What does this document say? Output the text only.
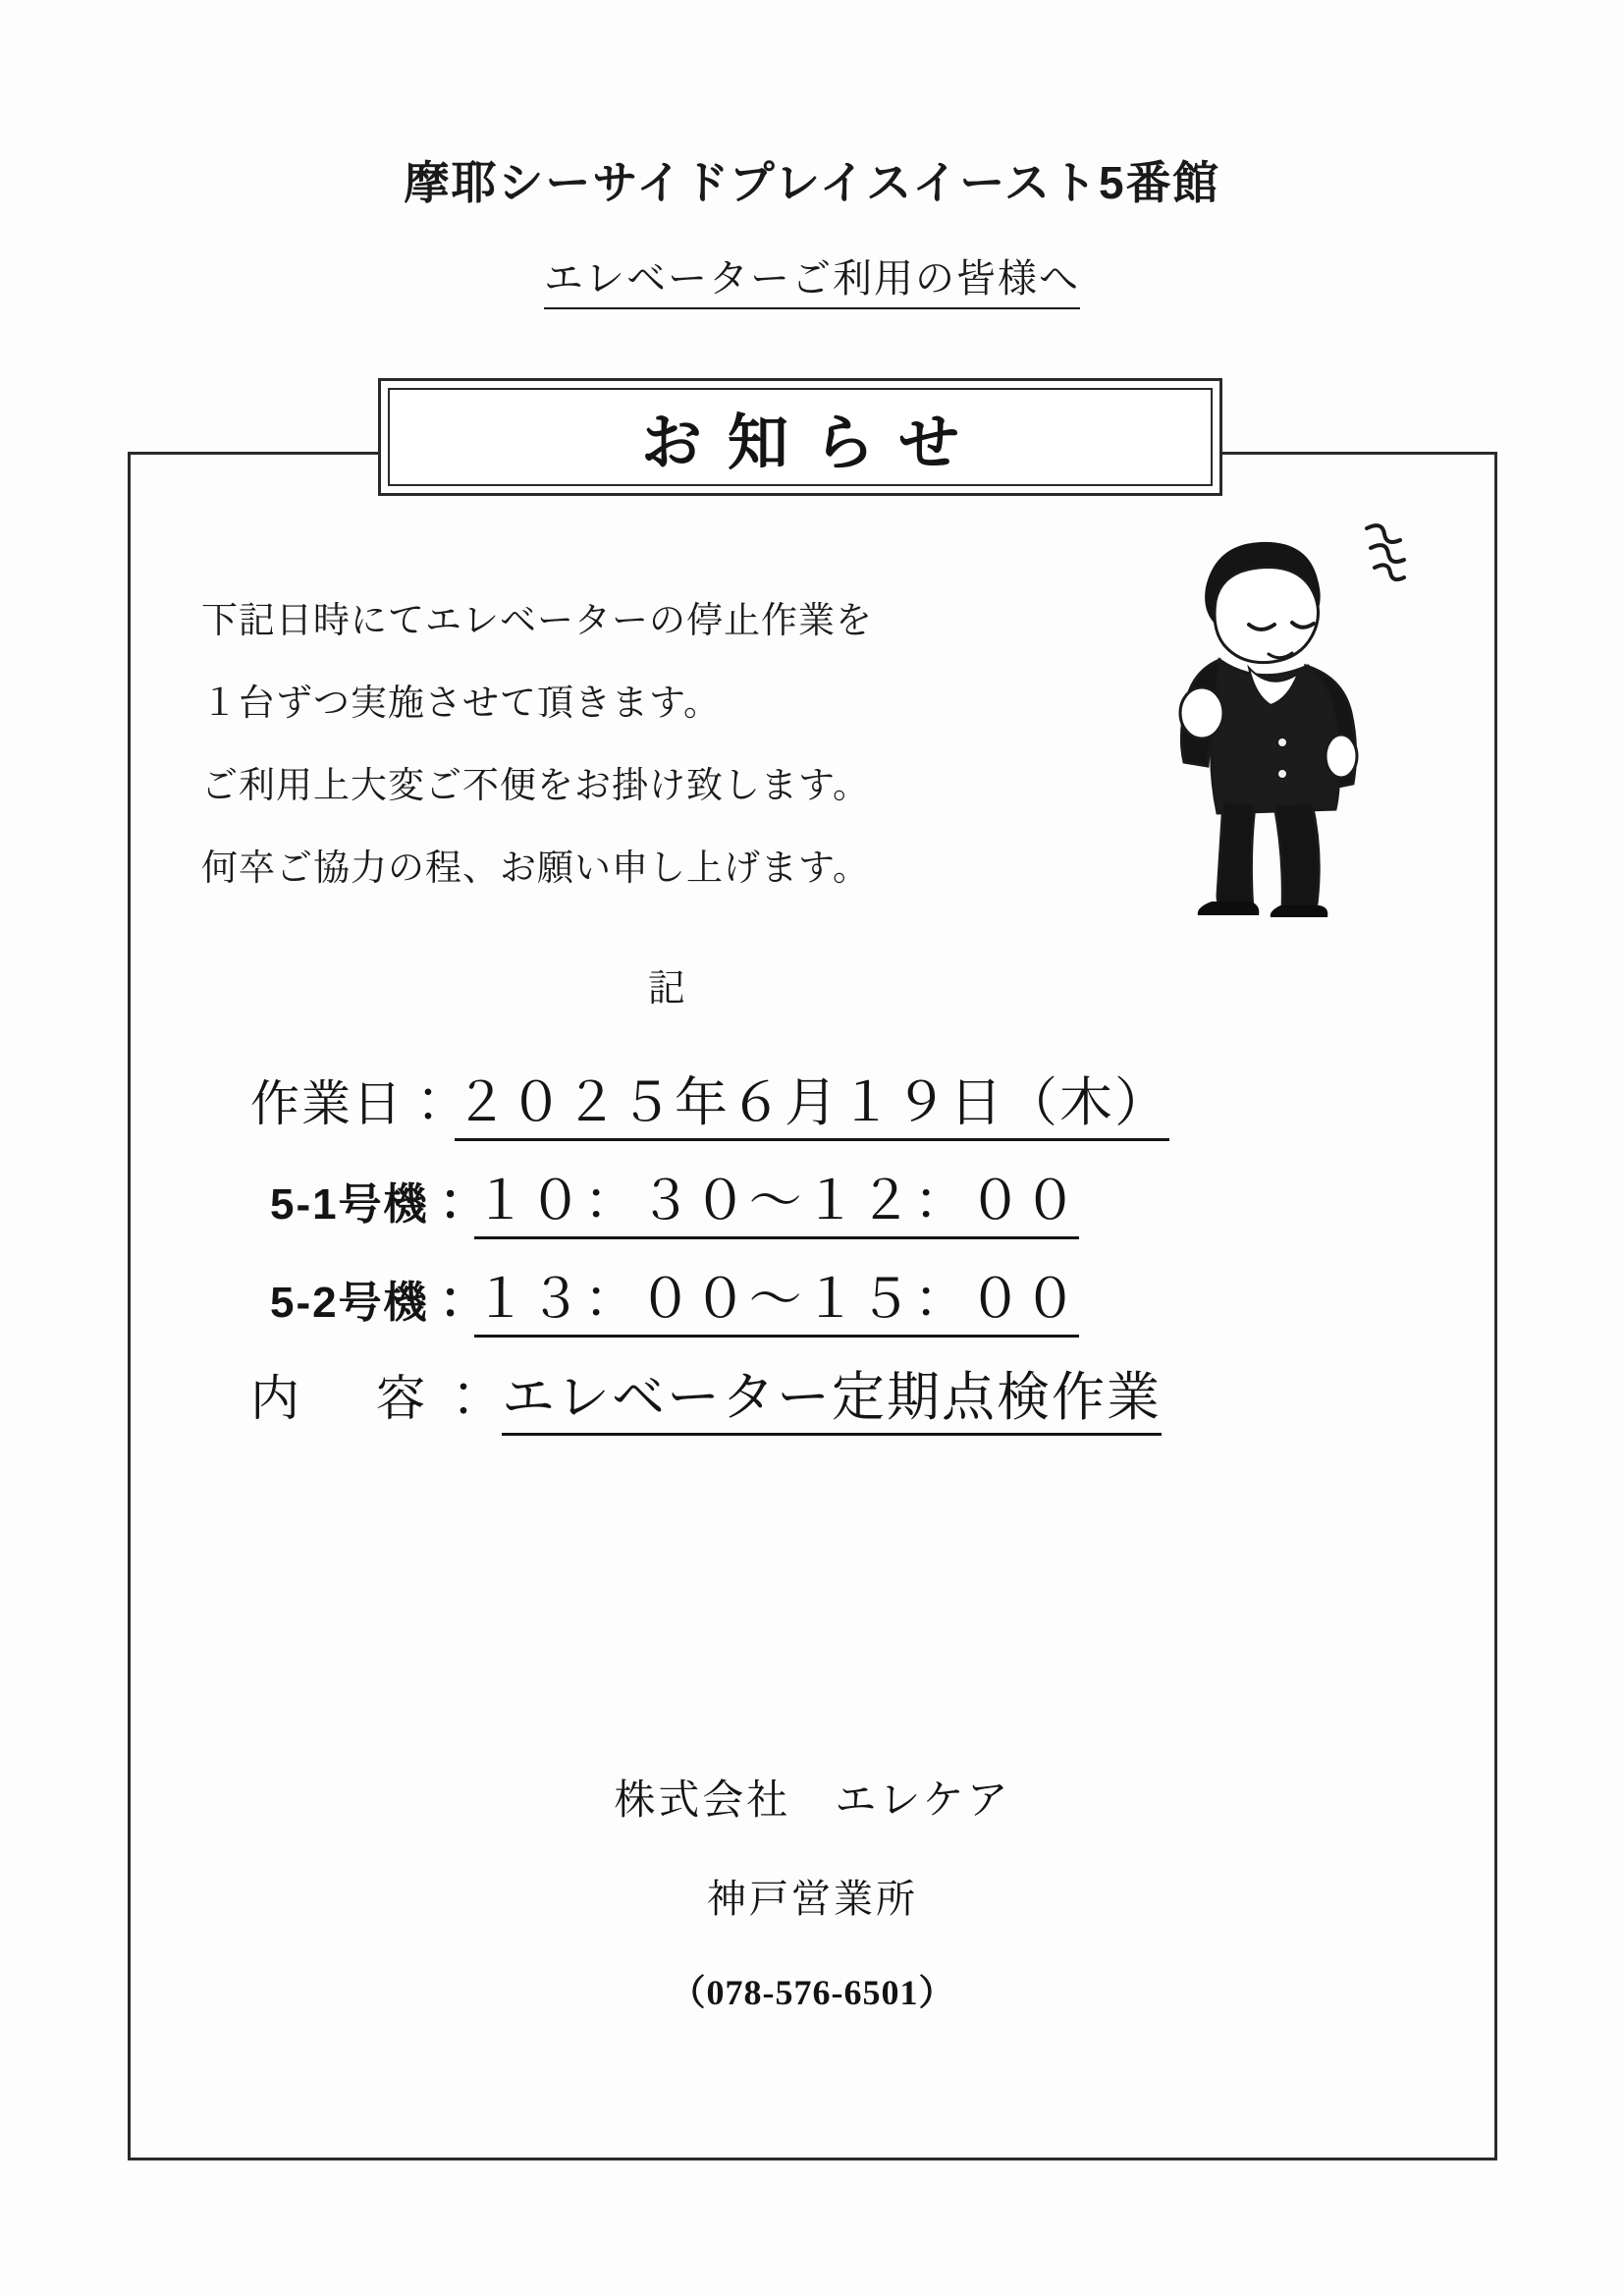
摩耶シーサイドプレイスイースト5番館
エレベーターご利用の皆様へ
お知らせ
下記日時にてエレベーターの停止作業を
１台ずつ実施させて頂きます。
ご利用上大変ご不便をお掛け致します。
何卒ご協力の程、お願い申し上げます。
記
作業日： ２０２５年６月１９日（木）
5-1号機： １０：３０〜１２：００
5-2号機： １３：００〜１５：００
内　容： エレベーター定期点検作業
株式会社　エレケア
神戸営業所
（078-576-6501）
